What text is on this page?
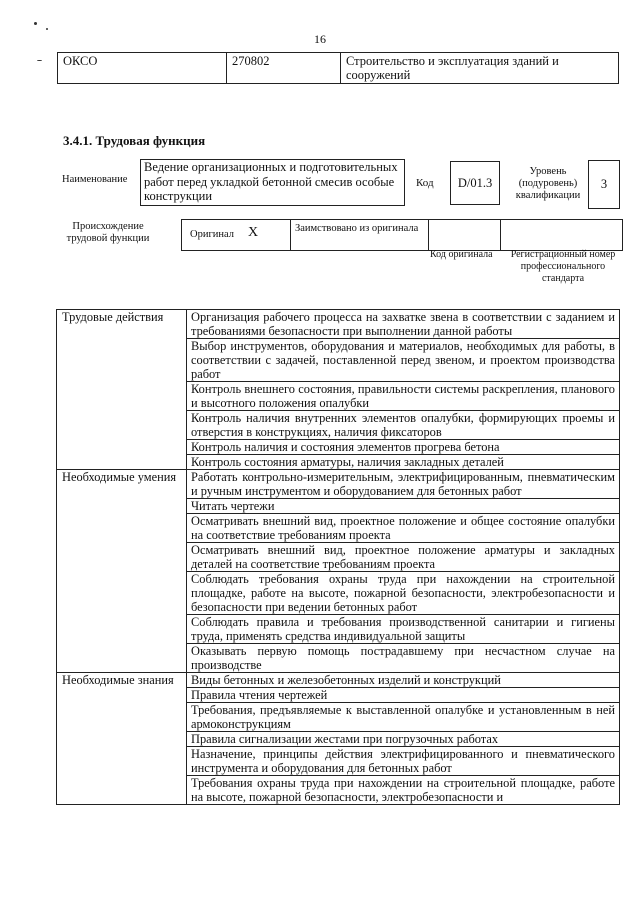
16
ОКСО	270802	Строительство и эксплуатация зданий и сооружений
3.4.1. Трудовая функция
Наименование
Ведение организационных и подготовительных работ перед укладкой бетонной смесив особые конструкции
Код	D/01.3
Уровень (подуровень) квалификации
3
Происхождение трудовой функции	Оригинал X	Заимствовано из оригинала
Код оригинала Регистрационный номер профессионального стандарта
Трудовые действия	Организация рабочего процесса на захватке звена в соответствии с заданием и требованиями безопасности при выполнении данной работы
	Выбор инструментов, оборудования и материалов, необходимых для работы, в соответствии с задачей, поставленной перед звеном, и проектом производства работ
	Контроль внешнего состояния, правильности системы раскрепления, планового и высотного положения опалубки
	Контроль наличия внутренних элементов опалубки, формирующих проемы и отверстия в конструкциях, наличия фиксаторов
	Контроль наличия и состояния элементов прогрева бетона
	Контроль состояния арматуры, наличия закладных деталей
Необходимые умения	Работать контрольно-измерительным, электрифицированным, пневматическим и ручным инструментом и оборудованием для бетонных работ
	Читать чертежи
	Осматривать внешний вид, проектное положение и общее состояние опалубки на соответствие требованиям проекта
	Осматривать внешний вид, проектное положение арматуры и закладных деталей на соответствие требованиям проекта
	Соблюдать требования охраны труда при нахождении на строительной площадке, работе на высоте, пожарной безопасности, электробезопасности и безопасности при ведении бетонных работ
	Соблюдать правила и требования производственной санитарии и гигиены труда, применять средства индивидуальной защиты
	Оказывать первую помощь пострадавшему при несчастном случае на производстве
Необходимые знания	Виды бетонных и железобетонных изделий и конструкций
	Правила чтения чертежей
	Требования, предъявляемые к выставленной опалубке и установленным в ней армоконструкциям
	Правила сигнализации жестами при погрузочных работах
	Назначение, принципы действия электрифицированного и пневматического инструмента и оборудования для бетонных работ
	Требования охраны труда при нахождении на строительной площадке, работе на высоте, пожарной безопасности, электробезопасности и
